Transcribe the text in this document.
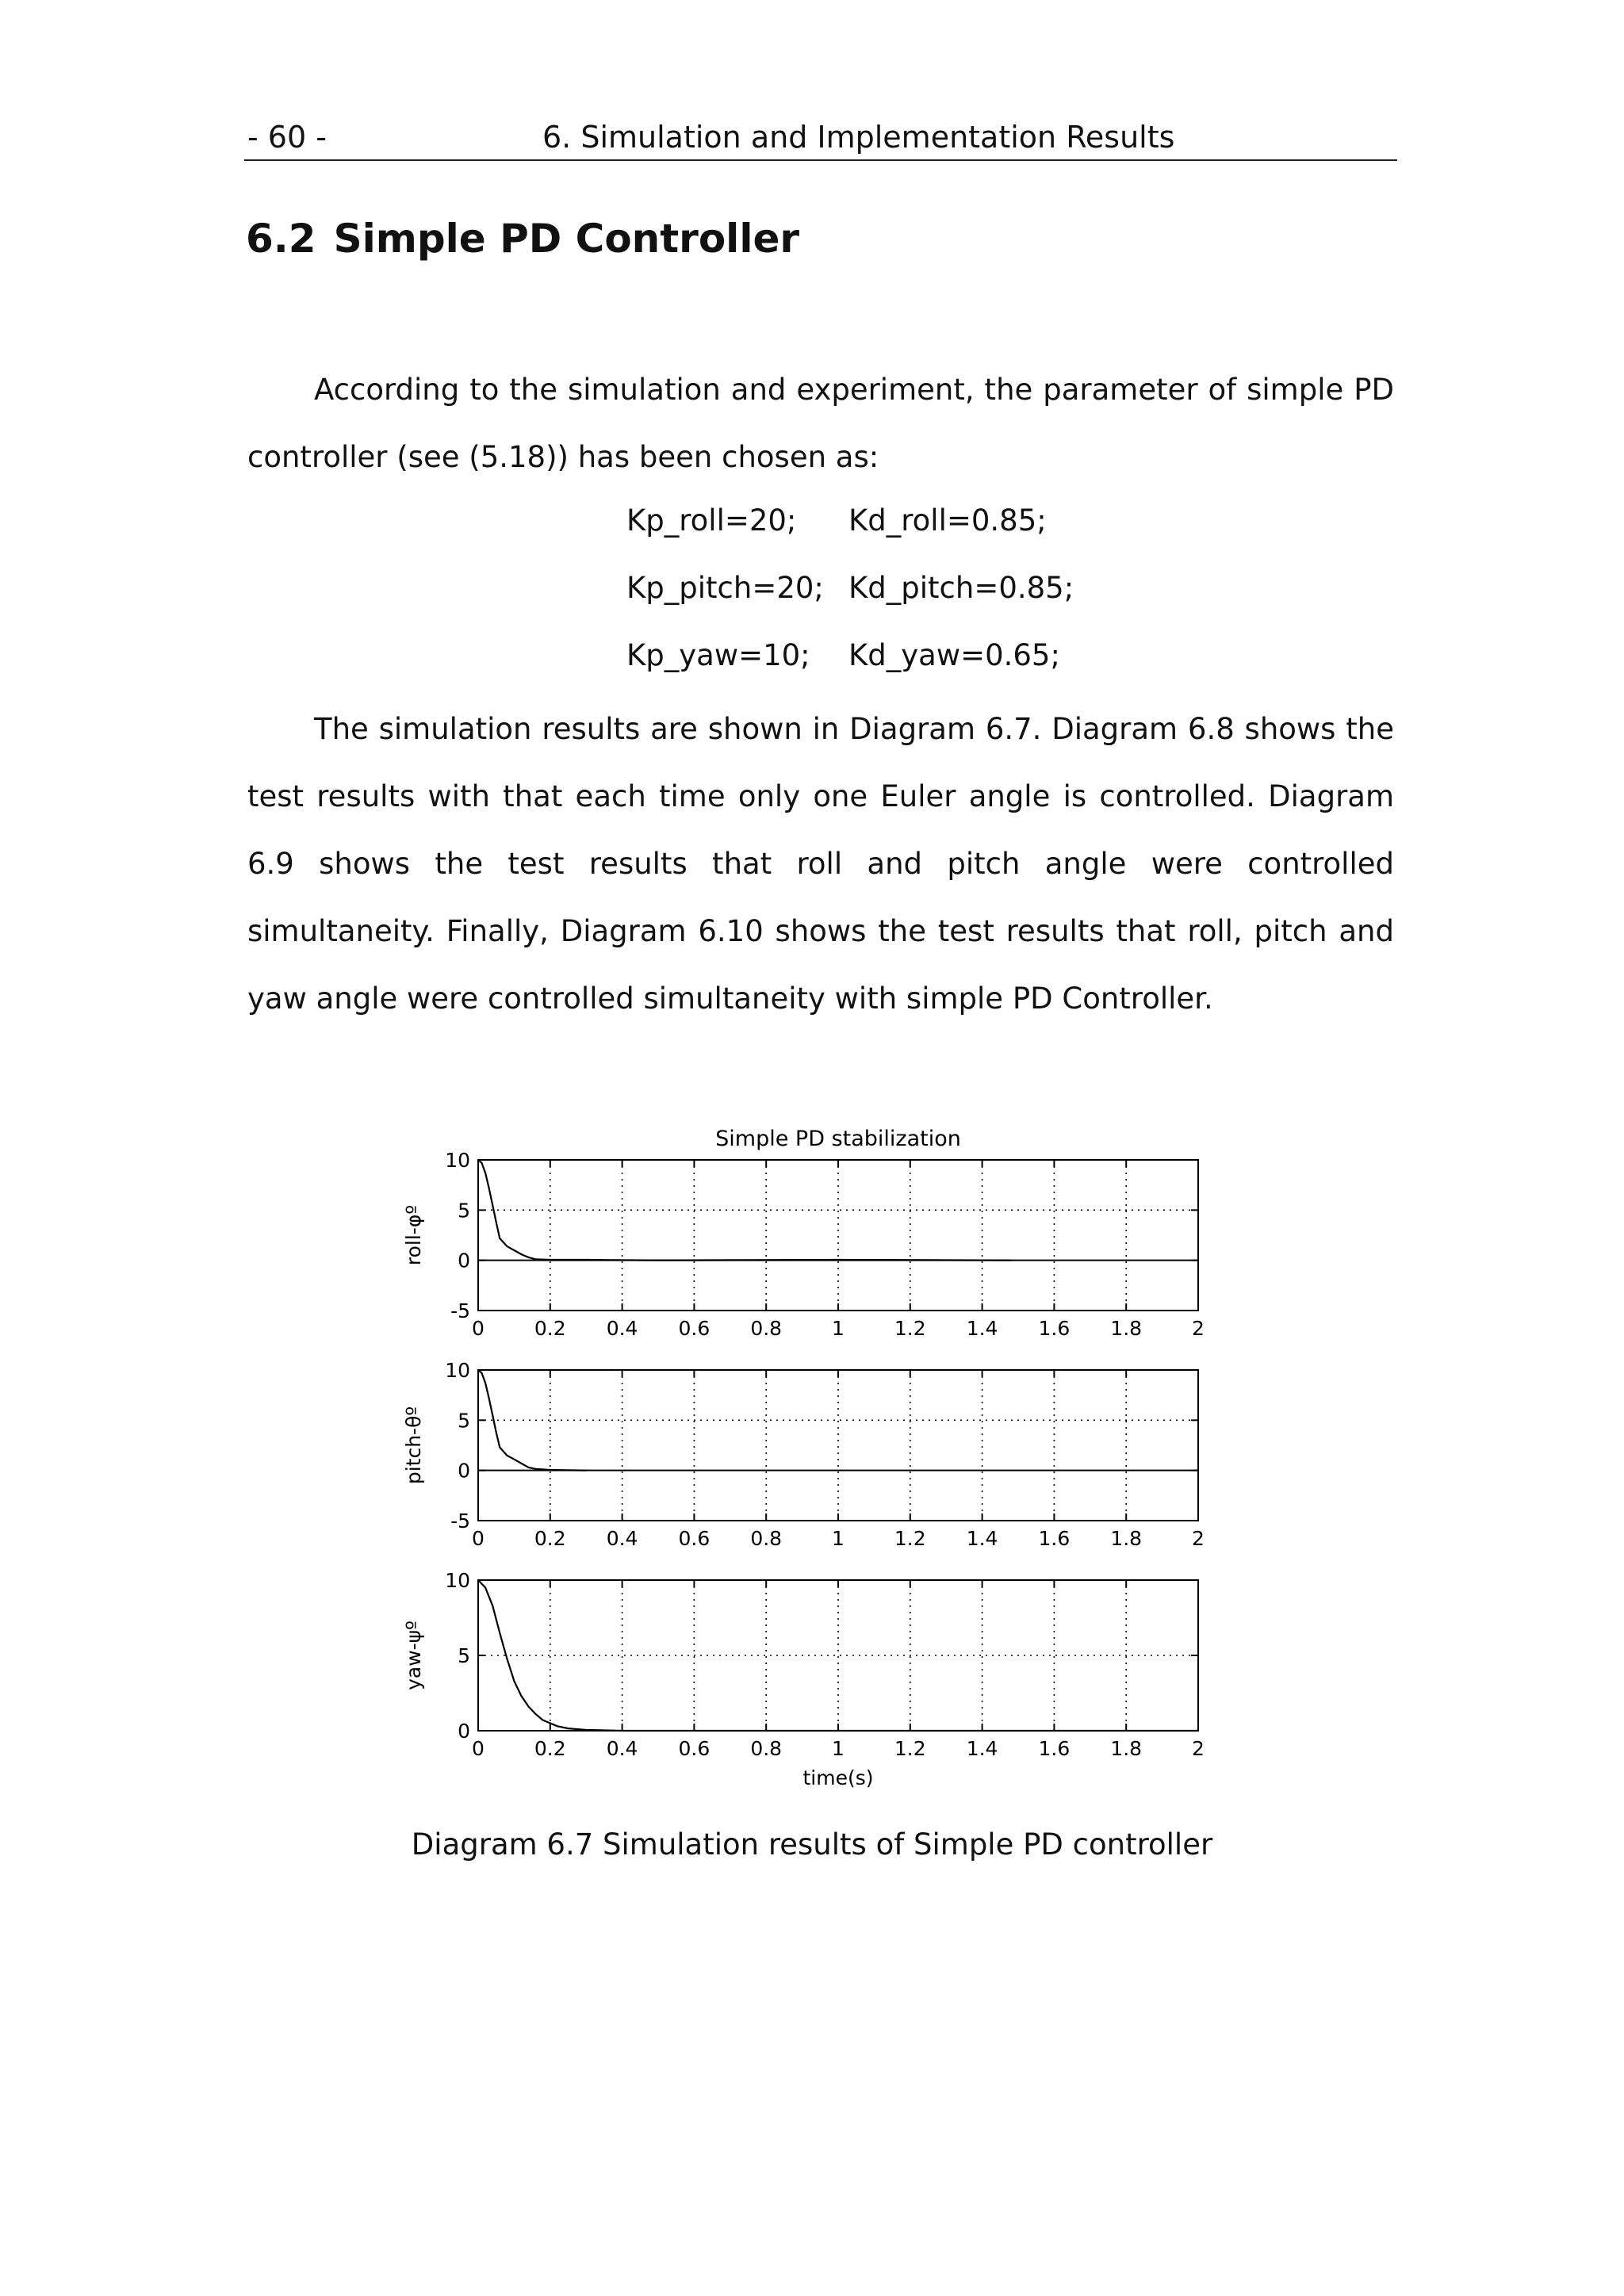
- 60 -	6. Simulation and Implementation Results
6.2 Simple PD Controller

According to the simulation and experiment, the parameter of simple PD controller (see (5.18)) has been chosen as:

Kp_roll=20; Kd_roll=0.85;
Kp_pitch=20; Kd_pitch=0.85;
Kp_yaw=10; Kd_yaw=0.65;

The simulation results are shown in Diagram 6.7. Diagram 6.8 shows the test results with that each time only one Euler angle is controlled. Diagram 6.9 shows the test results that roll and pitch angle were controlled simultaneity. Finally, Diagram 6.10 shows the test results that roll, pitch and yaw angle were controlled simultaneity with simple PD Controller.

0	0.2 0.4 0.6 0.8	1	1.2 1.4 1.6 1.8	2
10
5
0
-5
roll-φº
Simple PD stabilization
0	0.2 0.4 0.6 0.8	1	1.2 1.4 1.6 1.8	2
10
5
0
-5
pitch-θº
0	0.2 0.4 0.6 0.8	1	1.2 1.4 1.6 1.8	2
10
5
0
yaw-ψº
time(s)
Diagram 6.7 Simulation results of Simple PD controller
